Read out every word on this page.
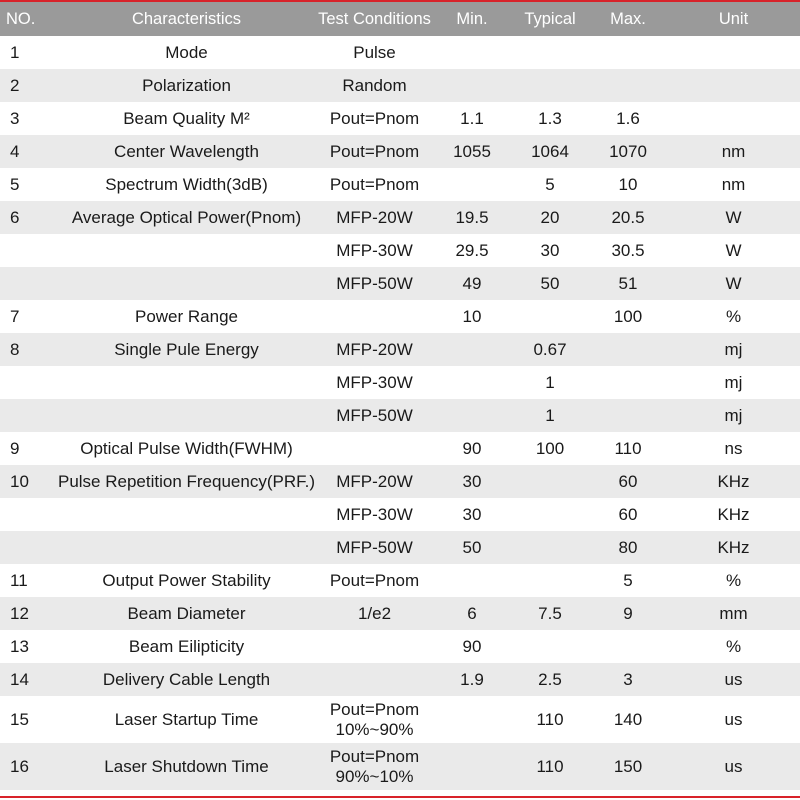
NO.	Characteristics	Test Conditions	Min.	Typical	Max.	Unit
1	Mode	Pulse				
2	Polarization	Random				
3	Beam Quality M²	Pout=Pnom	1.1	1.3	1.6	
4	Center Wavelength	Pout=Pnom	1055	1064	1070	nm
5	Spectrum Width(3dB)	Pout=Pnom		5	10	nm
6	Average Optical Power(Pnom)	MFP-20W	19.5	20	20.5	W
		MFP-30W	29.5	30	30.5	W
		MFP-50W	49	50	51	W
7	Power Range		10		100	%
8	Single Pule Energy	MFP-20W		0.67		mj
		MFP-30W		1		mj
		MFP-50W		1		mj
9	Optical Pulse Width(FWHM)		90	100	110	ns
10	Pulse Repetition Frequency(PRF.)	MFP-20W	30		60	KHz
		MFP-30W	30		60	KHz
		MFP-50W	50		80	KHz
11	Output Power Stability	Pout=Pnom			5	%
12	Beam Diameter	1/e2	6	7.5	9	mm
13	Beam Eilipticity		90			%
14	Delivery Cable Length		1.9	2.5	3	us
15	Laser Startup Time	Pout=Pnom
10%~90%		110	140	us
16	Laser Shutdown Time	Pout=Pnom
90%~10%		110	150	us
